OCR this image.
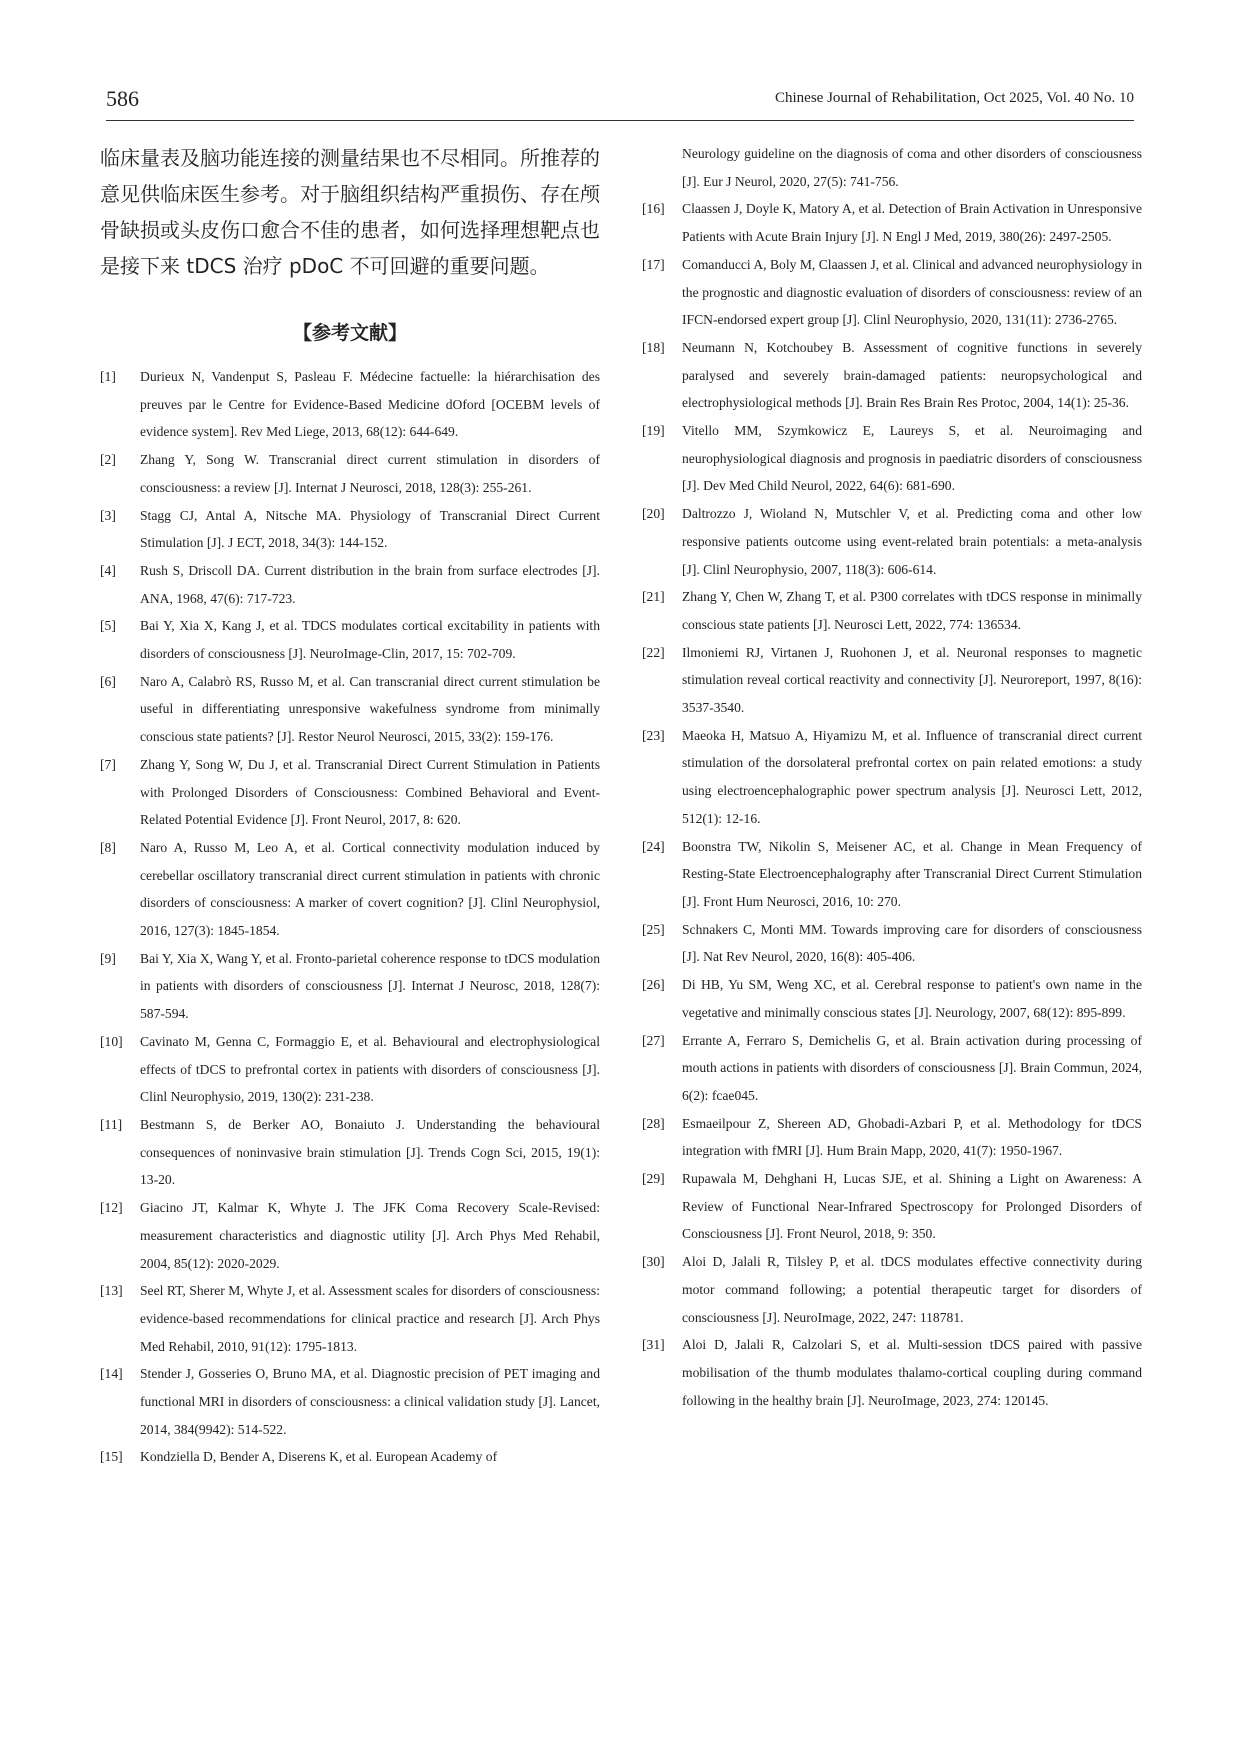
586	Chinese Journal of Rehabilitation, Oct 2025, Vol. 40 No. 10

临床量表及脑功能连接的测量结果也不尽相同。所推荐的意见供临床医生参考。对于脑组织结构严重损伤、存在颅骨缺损或头皮伤口愈合不佳的患者，如何选择理想靶点也是接下来 tDCS 治疗 pDoC 不可回避的重要问题。

【参考文献】

[1] Durieux N, Vandenput S, Pasleau F. Médecine factuelle: la hiérarchisation des preuves par le Centre for Evidence-Based Medicine dOford [OCEBM levels of evidence system]. Rev Med Liege, 2013, 68(12): 644-649.

[2] Zhang Y, Song W. Transcranial direct current stimulation in disorders of consciousness: a review [J]. Internat J Neurosci, 2018, 128(3): 255-261.

[3] Stagg CJ, Antal A, Nitsche MA. Physiology of Transcranial Direct Current Stimulation [J]. J ECT, 2018, 34(3): 144-152.

[4] Rush S, Driscoll DA. Current distribution in the brain from surface electrodes [J]. ANA, 1968, 47(6): 717-723.

[5] Bai Y, Xia X, Kang J, et al. TDCS modulates cortical excitability in patients with disorders of consciousness [J]. NeuroImage-Clin, 2017, 15: 702-709.

[6] Naro A, Calabrò RS, Russo M, et al. Can transcranial direct current stimulation be useful in differentiating unresponsive wakefulness syndrome from minimally conscious state patients? [J]. Restor Neurol Neurosci, 2015, 33(2): 159-176.

[7] Zhang Y, Song W, Du J, et al. Transcranial Direct Current Stimulation in Patients with Prolonged Disorders of Consciousness: Combined Behavioral and Event-Related Potential Evidence [J]. Front Neurol, 2017, 8: 620.

[8] Naro A, Russo M, Leo A, et al. Cortical connectivity modulation induced by cerebellar oscillatory transcranial direct current stimulation in patients with chronic disorders of consciousness: A marker of covert cognition? [J]. Clinl Neurophysiol, 2016, 127(3): 1845-1854.

[9] Bai Y, Xia X, Wang Y, et al. Fronto-parietal coherence response to tDCS modulation in patients with disorders of consciousness [J]. Internat J Neurosc, 2018, 128(7): 587-594.

[10] Cavinato M, Genna C, Formaggio E, et al. Behavioural and electrophysiological effects of tDCS to prefrontal cortex in patients with disorders of consciousness [J]. Clinl Neurophysio, 2019, 130(2): 231-238.

[11] Bestmann S, de Berker AO, Bonaiuto J. Understanding the behavioural consequences of noninvasive brain stimulation [J]. Trends Cogn Sci, 2015, 19(1): 13-20.

[12] Giacino JT, Kalmar K, Whyte J. The JFK Coma Recovery Scale-Revised: measurement characteristics and diagnostic utility [J]. Arch Phys Med Rehabil, 2004, 85(12): 2020-2029.

[13] Seel RT, Sherer M, Whyte J, et al. Assessment scales for disorders of consciousness: evidence-based recommendations for clinical practice and research [J]. Arch Phys Med Rehabil, 2010, 91(12): 1795-1813.

[14] Stender J, Gosseries O, Bruno MA, et al. Diagnostic precision of PET imaging and functional MRI in disorders of consciousness: a clinical validation study [J]. Lancet, 2014, 384(9942): 514-522.

[15] Kondziella D, Bender A, Diserens K, et al. European Academy of

Neurology guideline on the diagnosis of coma and other disorders of consciousness [J]. Eur J Neurol, 2020, 27(5): 741-756.

[16] Claassen J, Doyle K, Matory A, et al. Detection of Brain Activation in Unresponsive Patients with Acute Brain Injury [J]. N Engl J Med, 2019, 380(26): 2497-2505.

[17] Comanducci A, Boly M, Claassen J, et al. Clinical and advanced neurophysiology in the prognostic and diagnostic evaluation of disorders of consciousness: review of an IFCN-endorsed expert group [J]. Clinl Neurophysio, 2020, 131(11): 2736-2765.

[18] Neumann N, Kotchoubey B. Assessment of cognitive functions in severely paralysed and severely brain-damaged patients: neuropsychological and electrophysiological methods [J]. Brain Res Brain Res Protoc, 2004, 14(1): 25-36.

[19] Vitello MM, Szymkowicz E, Laureys S, et al. Neuroimaging and neurophysiological diagnosis and prognosis in paediatric disorders of consciousness [J]. Dev Med Child Neurol, 2022, 64(6): 681-690.

[20] Daltrozzo J, Wioland N, Mutschler V, et al. Predicting coma and other low responsive patients outcome using event-related brain potentials: a meta-analysis [J]. Clinl Neurophysio, 2007, 118(3): 606-614.

[21] Zhang Y, Chen W, Zhang T, et al. P300 correlates with tDCS response in minimally conscious state patients [J]. Neurosci Lett, 2022, 774: 136534.

[22] Ilmoniemi RJ, Virtanen J, Ruohonen J, et al. Neuronal responses to magnetic stimulation reveal cortical reactivity and connectivity [J]. Neuroreport, 1997, 8(16): 3537-3540.

[23] Maeoka H, Matsuo A, Hiyamizu M, et al. Influence of transcranial direct current stimulation of the dorsolateral prefrontal cortex on pain related emotions: a study using electroencephalographic power spectrum analysis [J]. Neurosci Lett, 2012, 512(1): 12-16.

[24] Boonstra TW, Nikolin S, Meisener AC, et al. Change in Mean Frequency of Resting-State Electroencephalography after Transcranial Direct Current Stimulation [J]. Front Hum Neurosci, 2016, 10: 270.

[25] Schnakers C, Monti MM. Towards improving care for disorders of consciousness [J]. Nat Rev Neurol, 2020, 16(8): 405-406.

[26] Di HB, Yu SM, Weng XC, et al. Cerebral response to patient's own name in the vegetative and minimally conscious states [J]. Neurology, 2007, 68(12): 895-899.

[27] Errante A, Ferraro S, Demichelis G, et al. Brain activation during processing of mouth actions in patients with disorders of consciousness [J]. Brain Commun, 2024, 6(2): fcae045.

[28] Esmaeilpour Z, Shereen AD, Ghobadi-Azbari P, et al. Methodology for tDCS integration with fMRI [J]. Hum Brain Mapp, 2020, 41(7): 1950-1967.

[29] Rupawala M, Dehghani H, Lucas SJE, et al. Shining a Light on Awareness: A Review of Functional Near-Infrared Spectroscopy for Prolonged Disorders of Consciousness [J]. Front Neurol, 2018, 9: 350.

[30] Aloi D, Jalali R, Tilsley P, et al. tDCS modulates effective connectivity during motor command following; a potential therapeutic target for disorders of consciousness [J]. NeuroImage, 2022, 247: 118781.

[31] Aloi D, Jalali R, Calzolari S, et al. Multi-session tDCS paired with passive mobilisation of the thumb modulates thalamo-cortical coupling during command following in the healthy brain [J]. NeuroImage, 2023, 274: 120145.
